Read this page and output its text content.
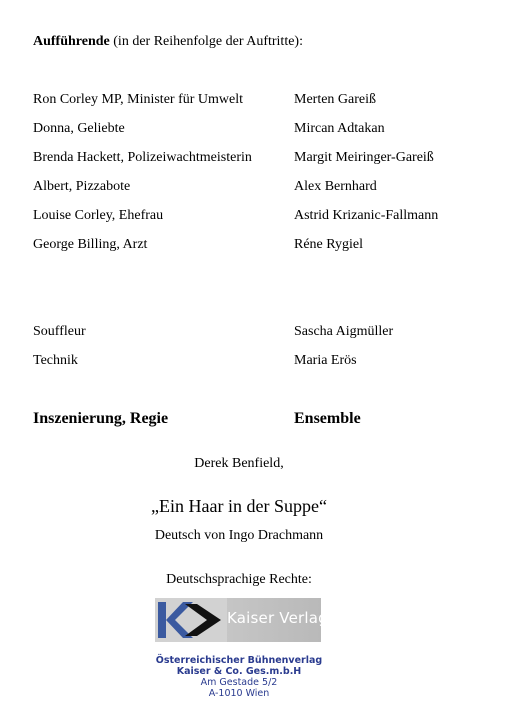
Aufführende (in der Reihenfolge der Auftritte):
Ron Corley MP, Minister für Umwelt	Merten Gareiß
Donna, Geliebte	Mircan Adtakan
Brenda Hackett, Polizeiwachtmeisterin	Margit Meiringer-Gareiß
Albert, Pizzabote	Alex Bernhard
Louise Corley, Ehefrau	Astrid Krizanic-Fallmann
George Billing, Arzt	Réne Rygiel
Souffleur	Sascha Aigmüller
Technik	Maria Erös
Inszenierung, Regie	Ensemble
Derek Benfield,
„Ein Haar in der Suppe“
Deutsch von Ingo Drachmann
Deutschsprachige Rechte:
Kaiser Verlag
Österreichischer Bühnenverlag
Kaiser & Co. Ges.m.b.H
Am Gestade 5/2
A-1010 Wien
